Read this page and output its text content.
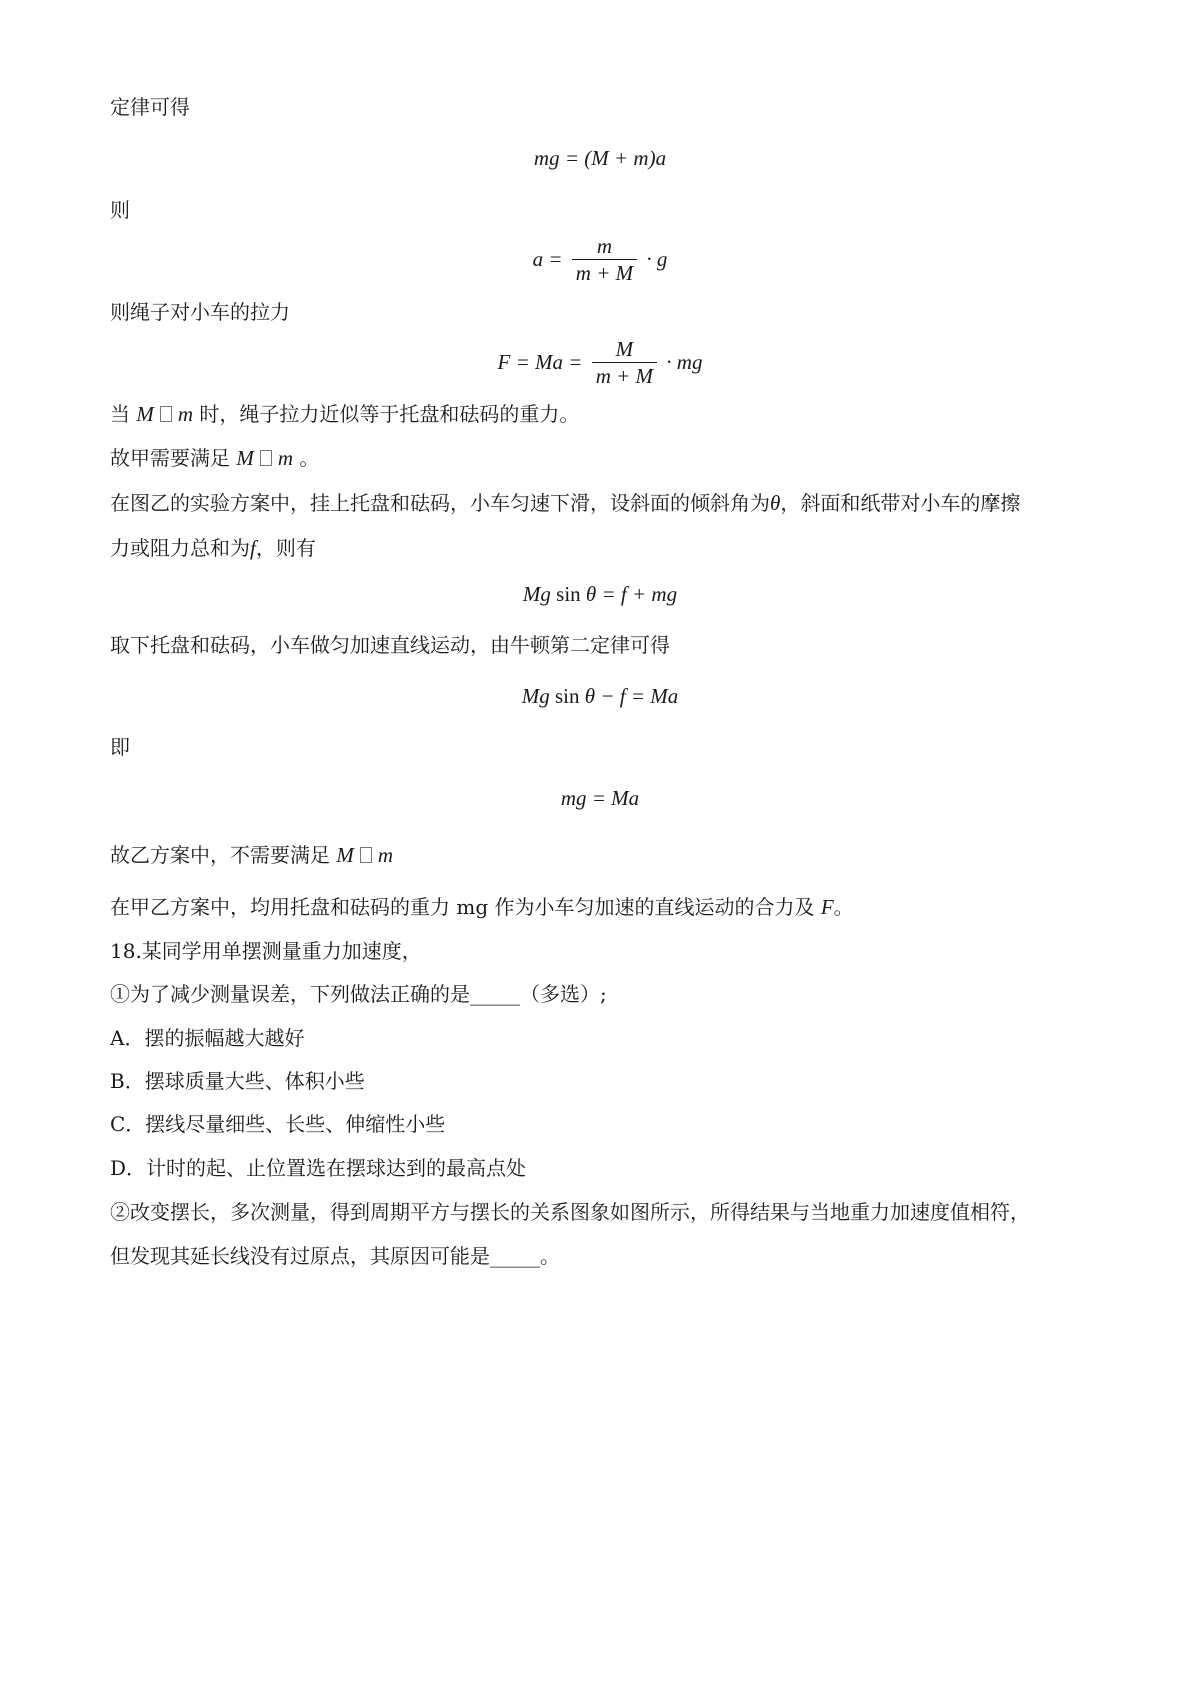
定律可得
mg = (M + m)a
则
$a = \frac{m}{m + M} \cdot g$
则绳子对小车的拉力
$F = Ma = \frac{M}{m + M}$ · mg
当 M m 时，绳子拉力近似等于托盘和砝码的重力。
故甲需要满足 M m 。
在图乙的实验方案中，挂上托盘和砝码，小车匀速下滑，设斜面的倾斜角为θ，斜面和纸带对小车的摩擦
力或阻力总和为f，则有
Mg sin θ = f + mg
取下托盘和砝码，小车做匀加速直线运动，由牛顿第二定律可得
Mg sin θ − f = Ma
即
mg = Ma
故乙方案中，不需要满足 M m
在甲乙方案中，均用托盘和砝码的重力 mg 作为小车匀加速的直线运动的合力及 F。
18.某同学用单摆测量重力加速度，
①为了减少测量误差，下列做法正确的是_____（多选）;
A．摆的振幅越大越好
B．摆球质量大些、体积小些
C．摆线尽量细些、长些、伸缩性小些
D．计时的起、止位置选在摆球达到的最高点处
②改变摆长，多次测量，得到周期平方与摆长的关系图象如图所示，所得结果与当地重力加速度值相符，
但发现其延长线没有过原点，其原因可能是_____。
